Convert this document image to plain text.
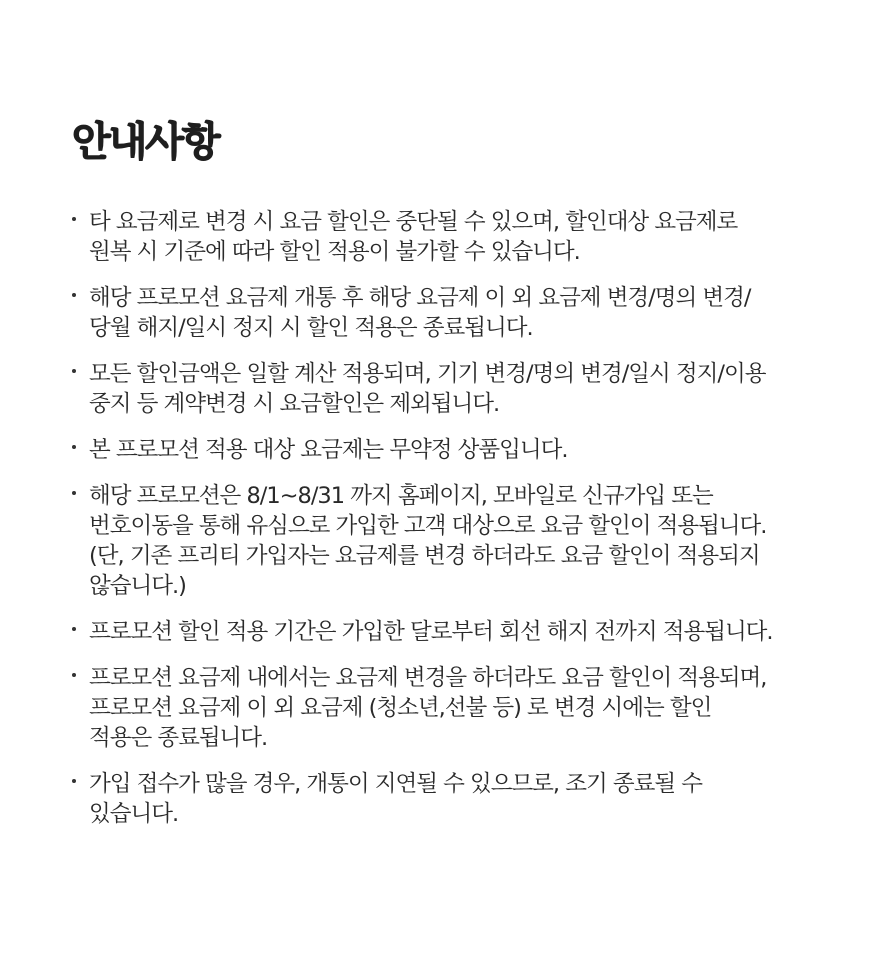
안내사항
타 요금제로 변경 시 요금 할인은 중단될 수 있으며, 할인대상 요금제로
원복 시 기준에 따라 할인 적용이 불가할 수 있습니다.
해당 프로모션 요금제 개통 후 해당 요금제 이 외 요금제 변경/명의 변경/
당월 해지/일시 정지 시 할인 적용은 종료됩니다.
모든 할인금액은 일할 계산 적용되며, 기기 변경/명의 변경/일시 정지/이용
중지 등 계약변경 시 요금할인은 제외됩니다.
본 프로모션 적용 대상 요금제는 무약정 상품입니다.
해당 프로모션은 8/1~8/31 까지 홈페이지, 모바일로 신규가입 또는
번호이동을 통해 유심으로 가입한 고객 대상으로 요금 할인이 적용됩니다.
(단, 기존 프리티 가입자는 요금제를 변경 하더라도 요금 할인이 적용되지
않습니다.)
프로모션 할인 적용 기간은 가입한 달로부터 회선 해지 전까지 적용됩니다.
프로모션 요금제 내에서는 요금제 변경을 하더라도 요금 할인이 적용되며,
프로모션 요금제 이 외 요금제 (청소년,선불 등) 로 변경 시에는 할인
적용은 종료됩니다.
가입 접수가 많을 경우, 개통이 지연될 수 있으므로, 조기 종료될 수
있습니다.
